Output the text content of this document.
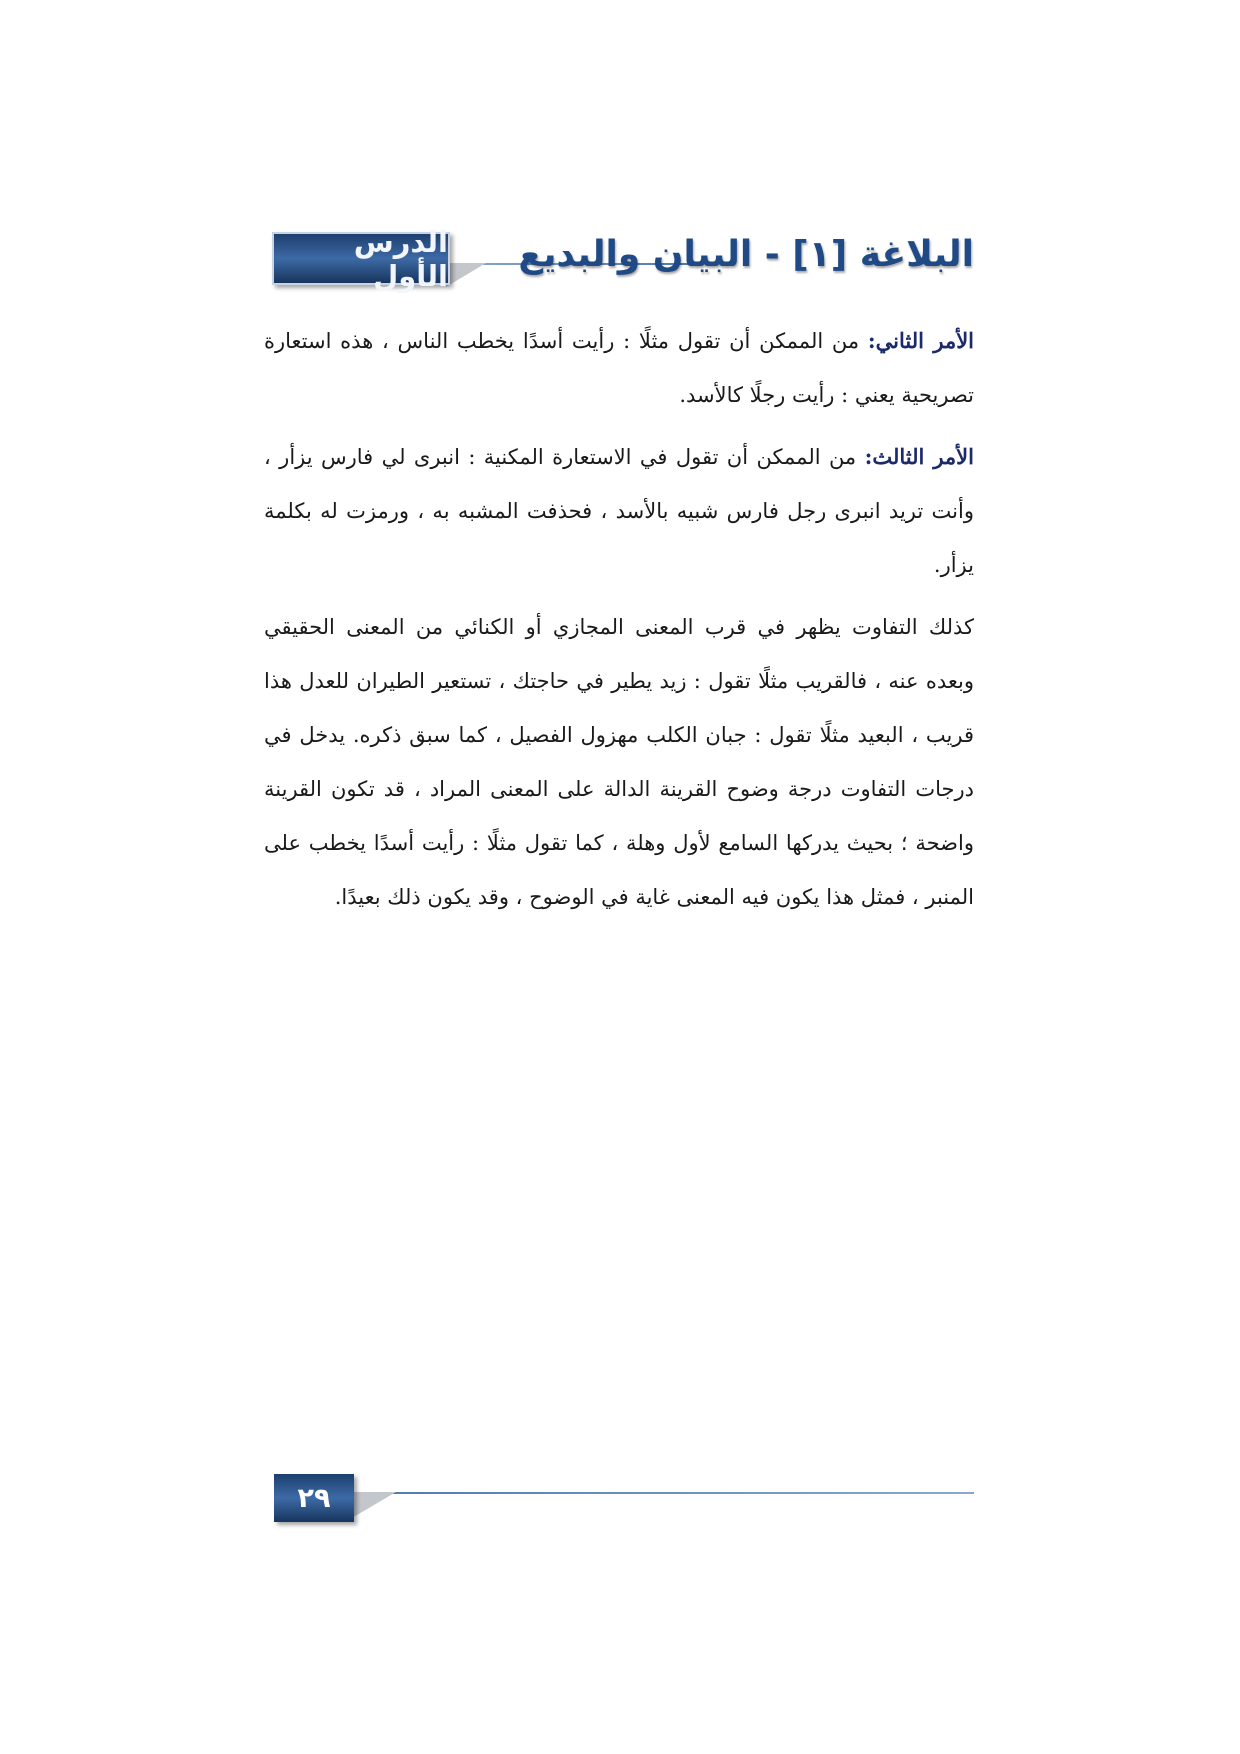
الدرس الأول
البلاغة [١] - البيان والبديع

الأمر الثاني: من الممكن أن تقول مثلًا : رأيت أسدًا يخطب الناس ، هذه استعارة تصريحية يعني : رأيت رجلًا كالأسد.

الأمر الثالث: من الممكن أن تقول في الاستعارة المكنية : انبرى لي فارس يزأر ، وأنت تريد انبرى رجل فارس شبيه بالأسد ، فحذفت المشبه به ، ورمزت له بكلمة يزأر.

كذلك التفاوت يظهر في قرب المعنى المجازي أو الكنائي من المعنى الحقيقي وبعده عنه ، فالقريب مثلًا تقول : زيد يطير في حاجتك ، تستعير الطيران للعدل هذا قريب ، البعيد مثلًا تقول : جبان الكلب مهزول الفصيل ، كما سبق ذكره. يدخل في درجات التفاوت درجة وضوح القرينة الدالة على المعنى المراد ، قد تكون القرينة واضحة ؛ بحيث يدركها السامع لأول وهلة ، كما تقول مثلًا : رأيت أسدًا يخطب على المنبر ، فمثل هذا يكون فيه المعنى غاية في الوضوح ، وقد يكون ذلك بعيدًا.

٢٩
